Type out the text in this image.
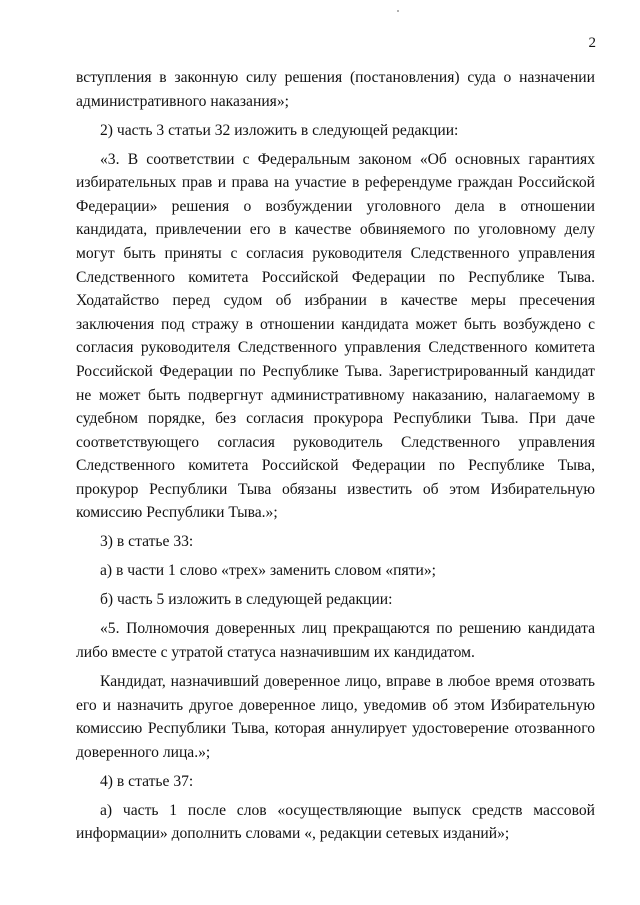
2

вступления в законную силу решения (постановления) суда о назначении административного наказания»;

2) часть 3 статьи 32 изложить в следующей редакции:

«3. В соответствии с Федеральным законом «Об основных гарантиях избирательных прав и права на участие в референдуме граждан Российской Федерации» решения о возбуждении уголовного дела в отношении кандидата, привлечении его в качестве обвиняемого по уголовному делу могут быть приняты с согласия руководителя Следственного управления Следственного комитета Российской Федерации по Республике Тыва. Ходатайство перед судом об избрании в качестве меры пресечения заключения под стражу в отношении кандидата может быть возбуждено с согласия руководителя Следственного управления Следственного комитета Российской Федерации по Республике Тыва. Зарегистрированный кандидат не может быть подвергнут административному наказанию, налагаемому в судебном порядке, без согласия прокурора Республики Тыва. При даче соответствующего согласия руководитель Следственного управления Следственного комитета Российской Федерации по Республике Тыва, прокурор Республики Тыва обязаны известить об этом Избирательную комиссию Республики Тыва.»;

3) в статье 33:

а) в части 1 слово «трех» заменить словом «пяти»;

б) часть 5 изложить в следующей редакции:

«5. Полномочия доверенных лиц прекращаются по решению кандидата либо вместе с утратой статуса назначившим их кандидатом.

Кандидат, назначивший доверенное лицо, вправе в любое время отозвать его и назначить другое доверенное лицо, уведомив об этом Избирательную комиссию Республики Тыва, которая аннулирует удостоверение отозванного доверенного лица.»;

4) в статье 37:

а) часть 1 после слов «осуществляющие выпуск средств массовой информации» дополнить словами «, редакции сетевых изданий»;
